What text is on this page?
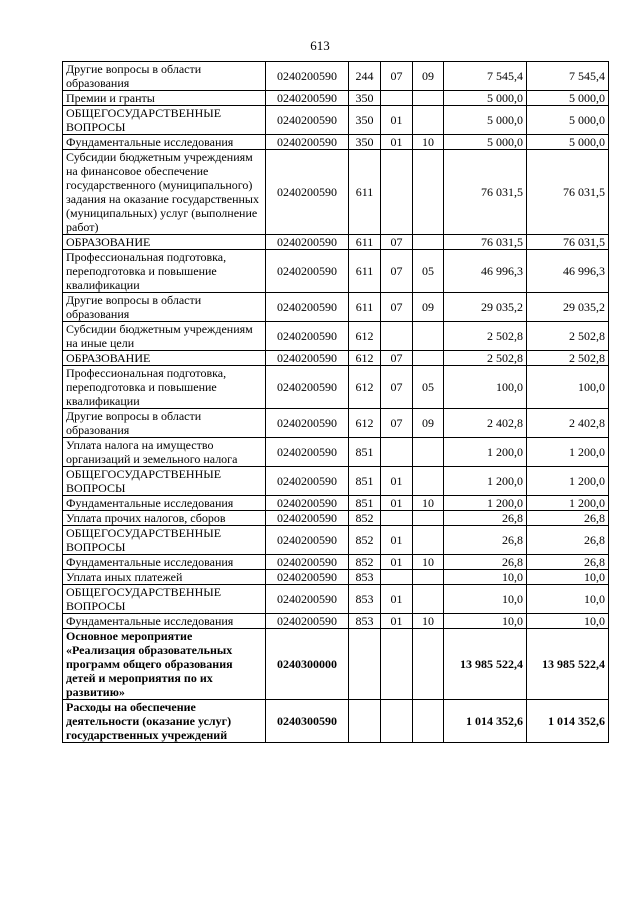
613
Другие вопросы в области образования	0240200590	244	07	09	7 545,4	7 545,4
Премии и гранты	0240200590	350			5 000,0	5 000,0
ОБЩЕГОСУДАРСТВЕННЫЕ ВОПРОСЫ	0240200590	350	01		5 000,0	5 000,0
Фундаментальные исследования	0240200590	350	01	10	5 000,0	5 000,0
Субсидии бюджетным учреждениям на финансовое обеспечение государственного (муниципального) задания на оказание государственных (муниципальных) услуг (выполнение работ)	0240200590	611			76 031,5	76 031,5
ОБРАЗОВАНИЕ	0240200590	611	07		76 031,5	76 031,5
Профессиональная подготовка, переподготовка и повышение квалификации	0240200590	611	07	05	46 996,3	46 996,3
Другие вопросы в области образования	0240200590	611	07	09	29 035,2	29 035,2
Субсидии бюджетным учреждениям на иные цели	0240200590	612			2 502,8	2 502,8
ОБРАЗОВАНИЕ	0240200590	612	07		2 502,8	2 502,8
Профессиональная подготовка, переподготовка и повышение квалификации	0240200590	612	07	05	100,0	100,0
Другие вопросы в области образования	0240200590	612	07	09	2 402,8	2 402,8
Уплата налога на имущество организаций и земельного налога	0240200590	851			1 200,0	1 200,0
ОБЩЕГОСУДАРСТВЕННЫЕ ВОПРОСЫ	0240200590	851	01		1 200,0	1 200,0
Фундаментальные исследования	0240200590	851	01	10	1 200,0	1 200,0
Уплата прочих налогов, сборов	0240200590	852			26,8	26,8
ОБЩЕГОСУДАРСТВЕННЫЕ ВОПРОСЫ	0240200590	852	01		26,8	26,8
Фундаментальные исследования	0240200590	852	01	10	26,8	26,8
Уплата иных платежей	0240200590	853			10,0	10,0
ОБЩЕГОСУДАРСТВЕННЫЕ ВОПРОСЫ	0240200590	853	01		10,0	10,0
Фундаментальные исследования	0240200590	853	01	10	10,0	10,0
Основное мероприятие «Реализация образовательных программ общего образования детей и мероприятия по их развитию»	0240300000				13 985 522,4	13 985 522,4
Расходы на обеспечение деятельности (оказание услуг) государственных учреждений	0240300590				1 014 352,6	1 014 352,6
